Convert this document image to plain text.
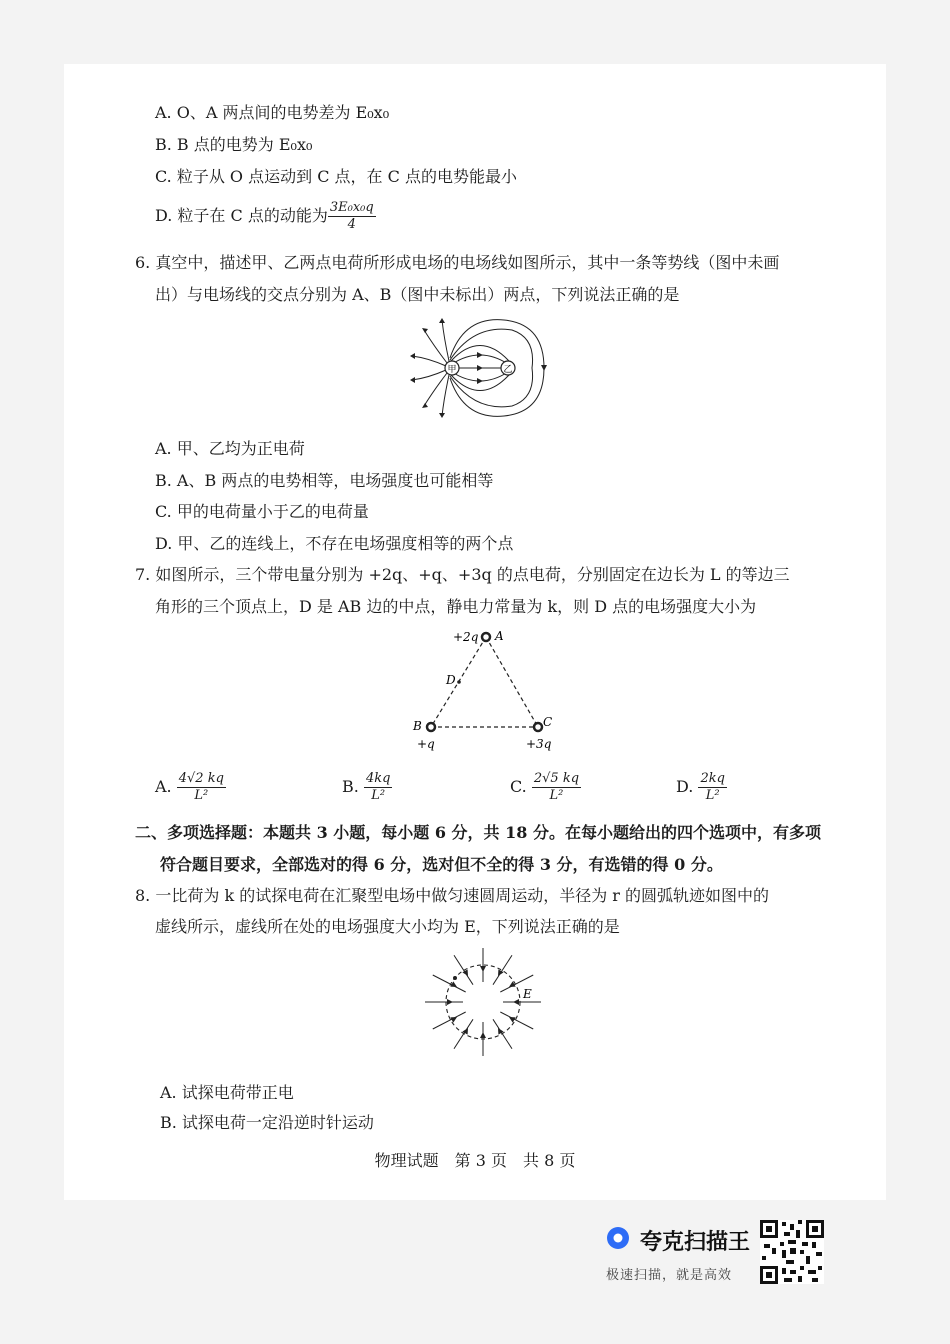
A. O、A 两点间的电势差为 E₀x₀
B. B 点的电势为 E₀x₀
C. 粒子从 O 点运动到 C 点，在 C 点的电势能最小
D. 粒子在 C 点的动能为 $\frac{\text{3E₀x₀q}}{4}$
6. 真空中，描述甲、乙两点电荷所形成电场的电场线如图所示，其中一条等势线（图中未画
出）与电场线的交点分别为 A、B（图中未标出）两点，下列说法正确的是
甲	乙
A. 甲、乙均为正电荷
B. A、B 两点的电势相等，电场强度也可能相等
C. 甲的电荷量小于乙的电荷量
D. 甲、乙的连线上，不存在电场强度相等的两个点
7. 如图所示，三个带电量分别为 +2q、+q、+3q 的点电荷，分别固定在边长为 L 的等边三
角形的三个顶点上，D 是 AB 边的中点，静电力常量为 k，则 D 点的电场强度大小为
+2q A
D
B
+q
C
+3q
A. $\frac{4√2 kq}{\text{L²}}$	B. $\frac{4kq}{\text{L²}}$	C. $\frac{2√5 kq}{\text{L²}}$	D. $\frac{2kq}{\text{L²}}$
二、多项选择题：本题共 3 小题，每小题 6 分，共 18 分。在每小题给出的四个选项中，有多项
符合题目要求，全部选对的得 6 分，选对但不全的得 3 分，有选错的得 0 分。
8. 一比荷为 k 的试探电荷在汇聚型电场中做匀速圆周运动，半径为 r 的圆弧轨迹如图中的
虚线所示，虚线所在处的电场强度大小均为 E，下列说法正确的是
E
A. 试探电荷带正电
B. 试探电荷一定沿逆时针运动
物理试题　第 3 页　共 8 页
夸克扫描王
极速扫描，就是高效
